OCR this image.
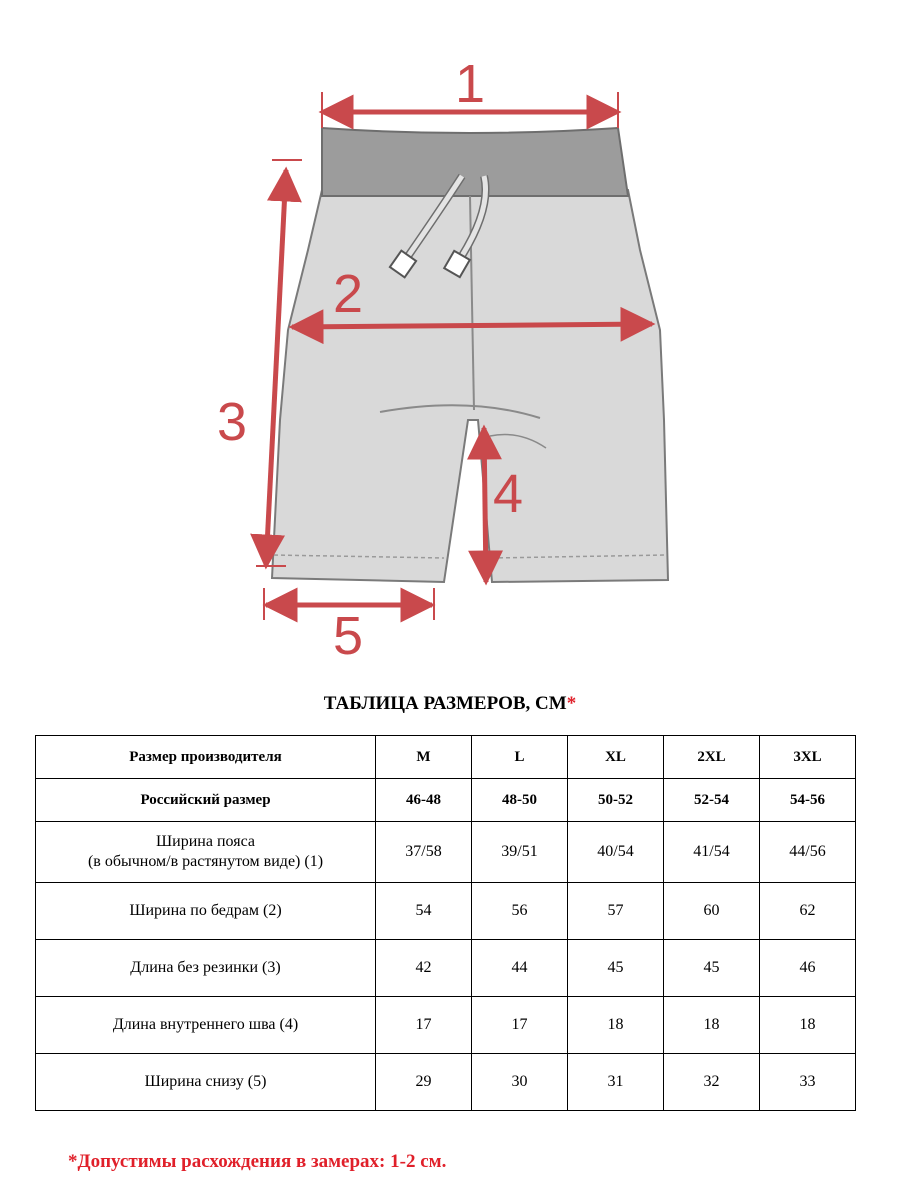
1
2
3
4
5
ТАБЛИЦА РАЗМЕРОВ, СМ*
Размер производителя	M	L	XL	2XL	3XL
Российский размер	46-48	48-50	50-52	52-54	54-56

Ширина пояса
(в обычном/в растянутом виде) (1)	37/58	39/51	40/54	41/54	44/56
Ширина по бедрам (2)	54	56	57	60	62
Длина без резинки (3)	42	44	45	45	46
Длина внутреннего шва (4)	17	17	18	18	18
Ширина снизу (5)	29	30	31	32	33
*Допустимы расхождения в замерах: 1-2 см.
